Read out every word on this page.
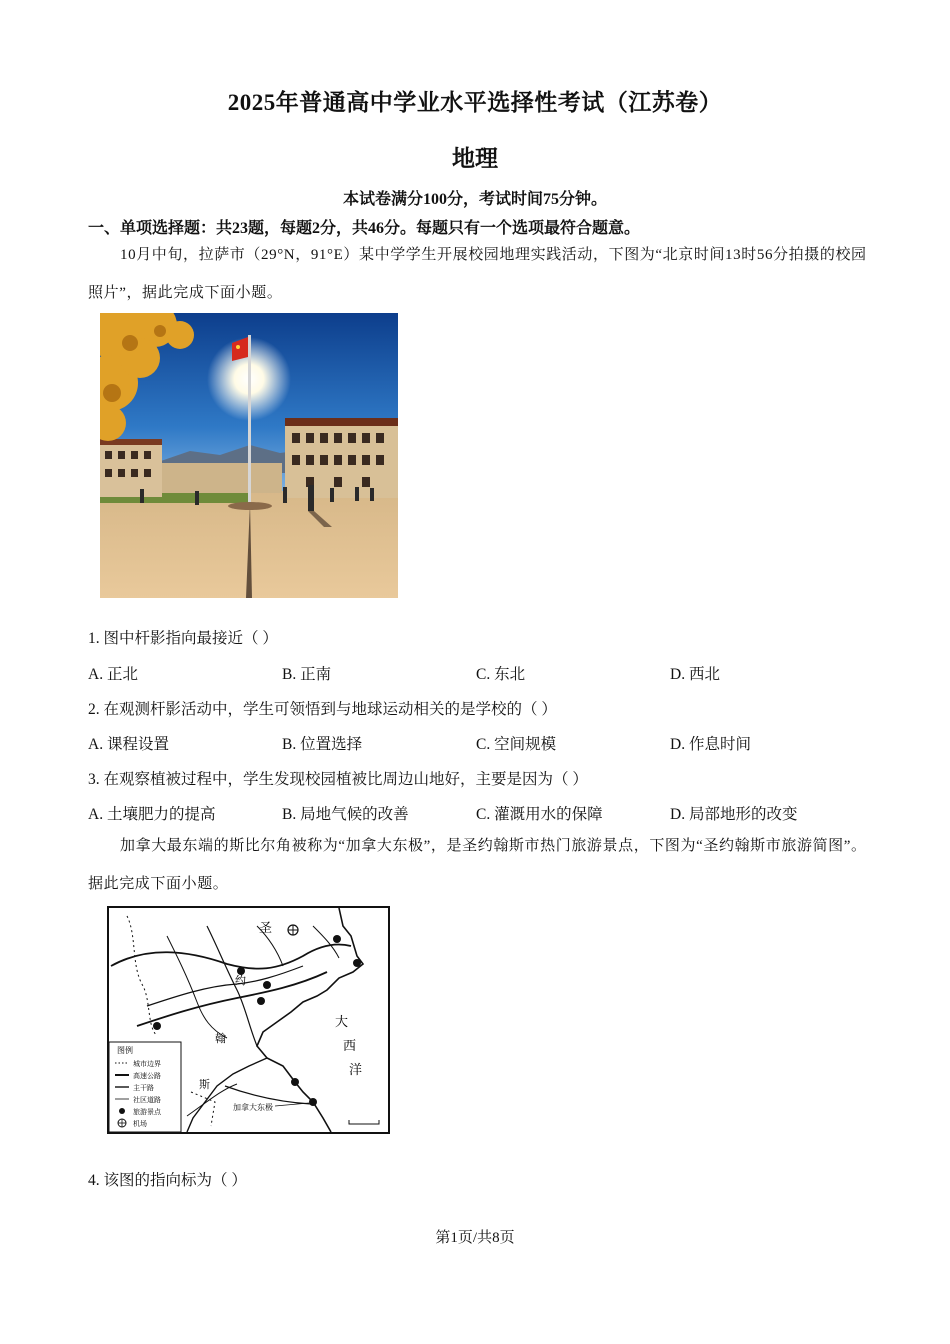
2025年普通高中学业水平选择性考试（江苏卷）
地理
本试卷满分100分，考试时间75分钟。
一、单项选择题：共23题，每题2分，共46分。每题只有一个选项最符合题意。
10月中旬，拉萨市（29°N，91°E）某中学学生开展校园地理实践活动，下图为“北京时间13时56分拍摄的校园照片”，据此完成下面小题。
1. 图中杆影指向最接近（ ）
A. 正北	B. 正南	C. 东北	D. 西北
2. 在观测杆影活动中，学生可领悟到与地球运动相关的是学校的（ ）
A. 课程设置	B. 位置选择	C. 空间规模	D. 作息时间
3. 在观察植被过程中，学生发现校园植被比周边山地好，主要是因为（ ）
A. 土壤肥力的提高	B. 局地气候的改善	C. 灌溉用水的保障	D. 局部地形的改变
加拿大最东端的斯比尔角被称为“加拿大东极”，是圣约翰斯市热门旅游景点，下图为“圣约翰斯市旅游简图”。据此完成下面小题。
圣
约
翰
斯
大
西
洋
加拿大东极
图例
城市边界
高速公路
主干路
社区道路
旅游景点
机场
4. 该图的指向标为（ ）
第1页/共8页
